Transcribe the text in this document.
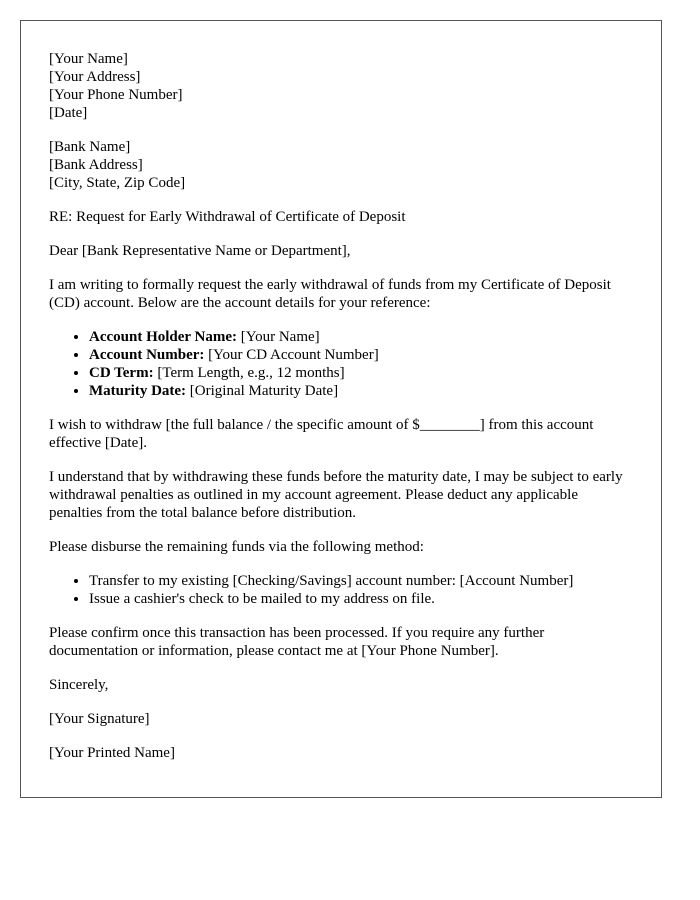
[Your Name]
[Your Address]
[Your Phone Number]
[Date]
[Bank Name]
[Bank Address]
[City, State, Zip Code]

RE: Request for Early Withdrawal of Certificate of Deposit

Dear [Bank Representative Name or Department],

I am writing to formally request the early withdrawal of funds from my Certificate of Deposit (CD) account. Below are the account details for your reference:

• Account Holder Name: [Your Name]
• Account Number: [Your CD Account Number]
• CD Term: [Term Length, e.g., 12 months]
• Maturity Date: [Original Maturity Date]

I wish to withdraw [the full balance / the specific amount of $________] from this account effective [Date].

I understand that by withdrawing these funds before the maturity date, I may be subject to early withdrawal penalties as outlined in my account agreement. Please deduct any applicable penalties from the total balance before distribution.

Please disburse the remaining funds via the following method:

• Transfer to my existing [Checking/Savings] account number: [Account Number]
• Issue a cashier's check to be mailed to my address on file.

Please confirm once this transaction has been processed. If you require any further documentation or information, please contact me at [Your Phone Number].

Sincerely,

[Your Signature]

[Your Printed Name]
